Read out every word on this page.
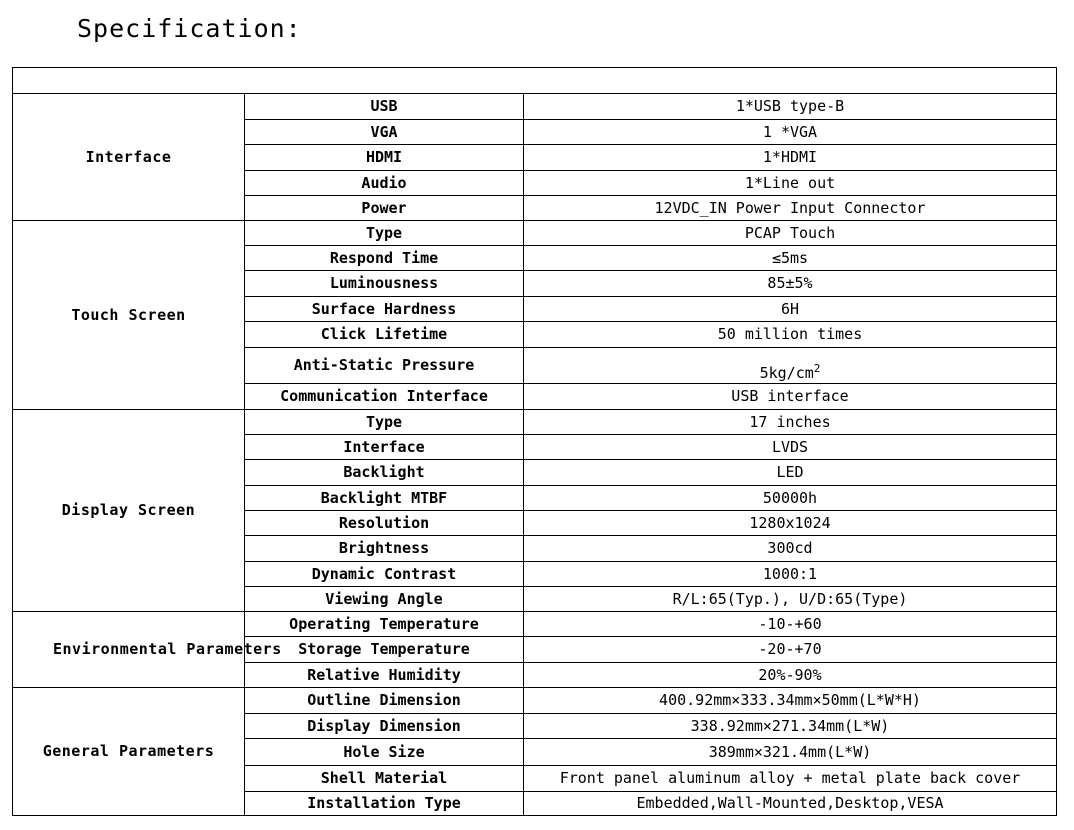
Specification:

Interface	USB	1*USB type-B
	VGA	1 *VGA
	HDMI	1*HDMI
	Audio	1*Line out
	Power	12VDC_IN Power Input Connector
Touch Screen	Type	PCAP Touch
	Respond Time	≤5ms
	Luminousness	85±5%
	Surface Hardness	6H
	Click Lifetime	50 million times
	Anti-Static Pressure	$5kg/cm^2$
	Communication Interface	USB interface
Display Screen	Type	17 inches
	Interface	LVDS
	Backlight	LED
	Backlight MTBF	50000h
	Resolution	1280x1024
	Brightness	300cd
	Dynamic Contrast	1000:1
	Viewing Angle	R/L:65(Typ.), U/D:65(Type)
Environmental Parameters	Operating Temperature	-10-+60
	Storage Temperature	-20-+70
	Relative Humidity	20%-90%
General Parameters	Outline Dimension	400.92mm×333.34mm×50mm(L*W*H)
	Display Dimension	338.92mm×271.34mm(L*W)
	Hole Size	389mm×321.4mm(L*W)
	Shell Material	Front panel aluminum alloy + metal plate back cover
	Installation Type	Embedded,Wall-Mounted,Desktop,VESA
